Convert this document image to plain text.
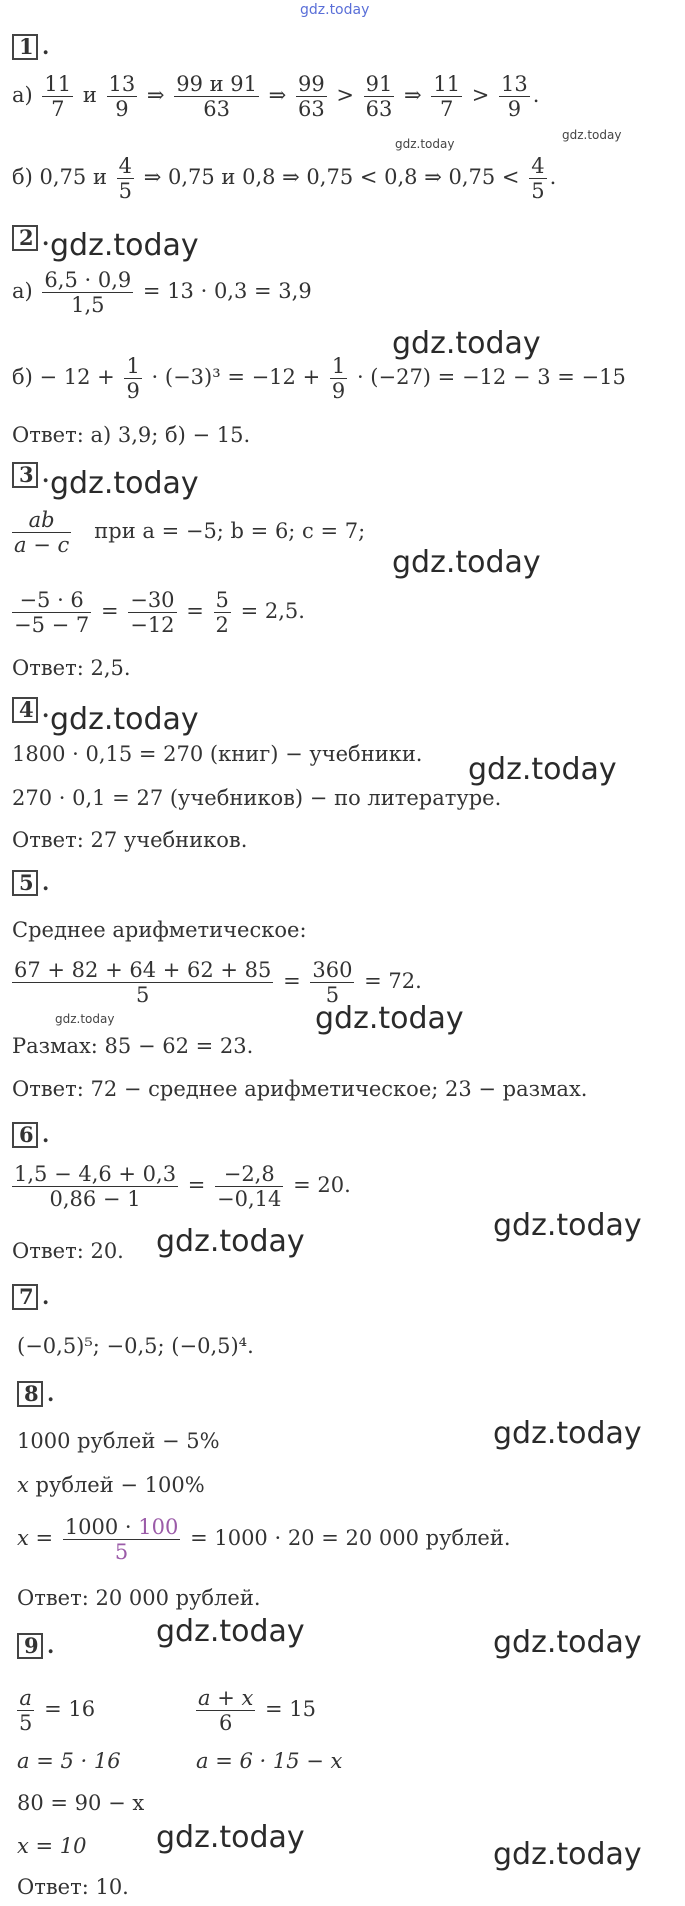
gdz.today
1 .
$а) \frac{11}{7}$ и $\frac{13}{9}$ ⇒ $\frac{99 и 91}{63}$ ⇒ $\frac{99}{63} > \frac{91}{63}$ ⇒ $\frac{11}{7} > \frac{13}{9}$ .
gdz.today
gdz.today
б) 0,75 и $\frac{4}{5}$ ⇒ 0,75 и 0,8 ⇒ 0,75 < 0,8 ⇒ $0,75 < \frac{4}{5}$ .
2 . gdz.today
$а) \frac{6,5 \cdot 0,9}{1,5} = 13 \cdot 0,3 = 3,9$
gdz.today
$б) - 12 + \frac{1}{9} \cdot (-3)^3 = -12 + \frac{1}{9} \cdot (-27) = -12 - 3 = -15$
Ответ: а) 3,9; б) − 15.
3 . gdz.today
$\frac{ab}{a - c}$ при a = −5; b = 6; c = 7;
gdz.today
$\frac{-5 \cdot 6}{-5 - 7} = \frac{-30}{-12} = \frac{5}{2} = 2,5$.
Ответ: 2,5.
4 . gdz.today
1800 · 0,15 = 270 (книг) − учебники. gdz.today
270 · 0,1 = 27 (учебников) − по литературе.
Ответ: 27 учебников.
5 .
Среднее арифметическое:
$\frac{67 + 82 + 64 + 62 + 85}{5} = \frac{360}{5} = 72$.
gdz.today	gdz.today
Размах: 85 − 62 = 23.
Ответ: 72 − среднее арифметическое; 23 − размах.
6 .
$\frac{1,5 - 4,6 + 0,3}{0,86 - 1} = \frac{-2,8}{-0,14} = 20$.
gdz.today
Ответ: 20. gdz.today
7 .
(−0,5)⁵; −0,5; (−0,5)⁴.
8 .
gdz.today
1000 рублей − 5%
x рублей − 100%
$x = \frac{1000 \cdot 100}{5} = 1000 \cdot 20 = 20$ 000 рублей.
Ответ: 20 000 рублей.
9 .	gdz.today	gdz.today
$\frac{a}{5} = 16$	$\frac{a + x}{6} = 15$
a = 5 · 16	a = 6 · 15 − x
80 = 90 − x
x = 10 gdz.today	gdz.today
Ответ: 10.
